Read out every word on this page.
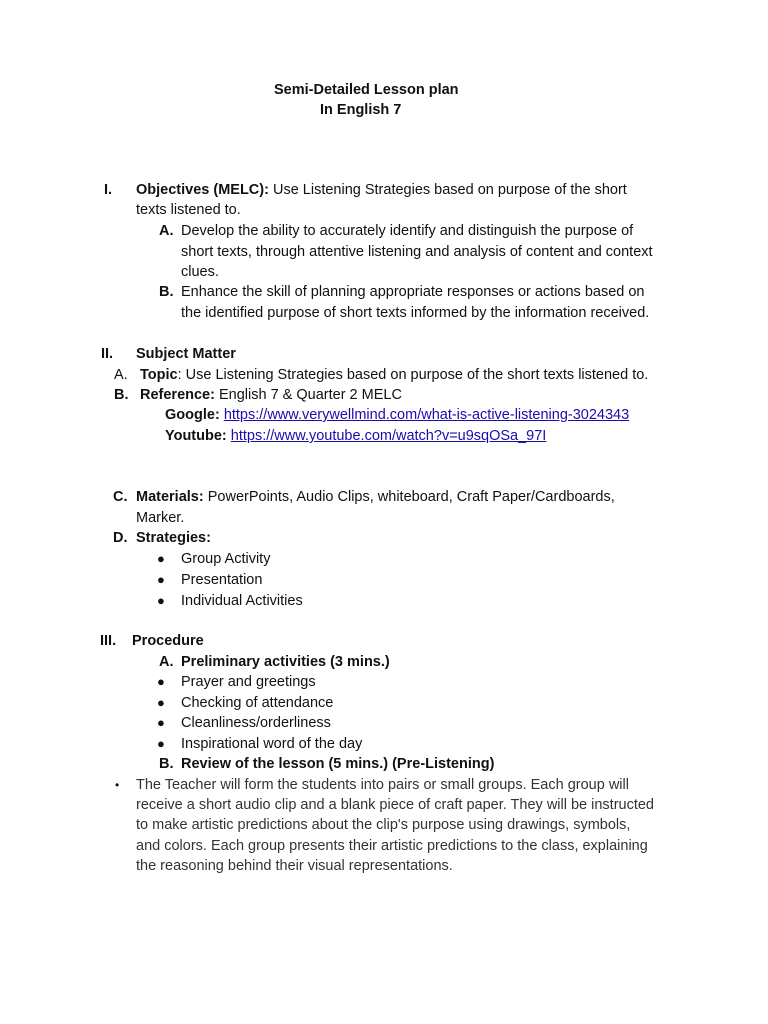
Semi-Detailed Lesson plan
In English 7
I. Objectives (MELC): Use Listening Strategies based on purpose of the short
texts listened to.
A. Develop the ability to accurately identify and distinguish the purpose of
short texts, through attentive listening and analysis of content and context
clues.
B. Enhance the skill of planning appropriate responses or actions based on
the identified purpose of short texts informed by the information received.
II. Subject Matter
A. Topic: Use Listening Strategies based on purpose of the short texts listened to.
B. Reference: English 7 & Quarter 2 MELC
Google: https://www.verywellmind.com/what-is-active-listening-3024343
Youtube: https://www.youtube.com/watch?v=u9sqOSa_97I
C. Materials: PowerPoints, Audio Clips, whiteboard, Craft Paper/Cardboards,
Marker.
D. Strategies:
● Group Activity
● Presentation
● Individual Activities
III. Procedure
A. Preliminary activities (3 mins.)
● Prayer and greetings
● Checking of attendance
● Cleanliness/orderliness
● Inspirational word of the day
B. Review of the lesson (5 mins.) (Pre-Listening)
• The Teacher will form the students into pairs or small groups. Each group will
receive a short audio clip and a blank piece of craft paper. They will be instructed
to make artistic predictions about the clip's purpose using drawings, symbols,
and colors. Each group presents their artistic predictions to the class, explaining
the reasoning behind their visual representations.
